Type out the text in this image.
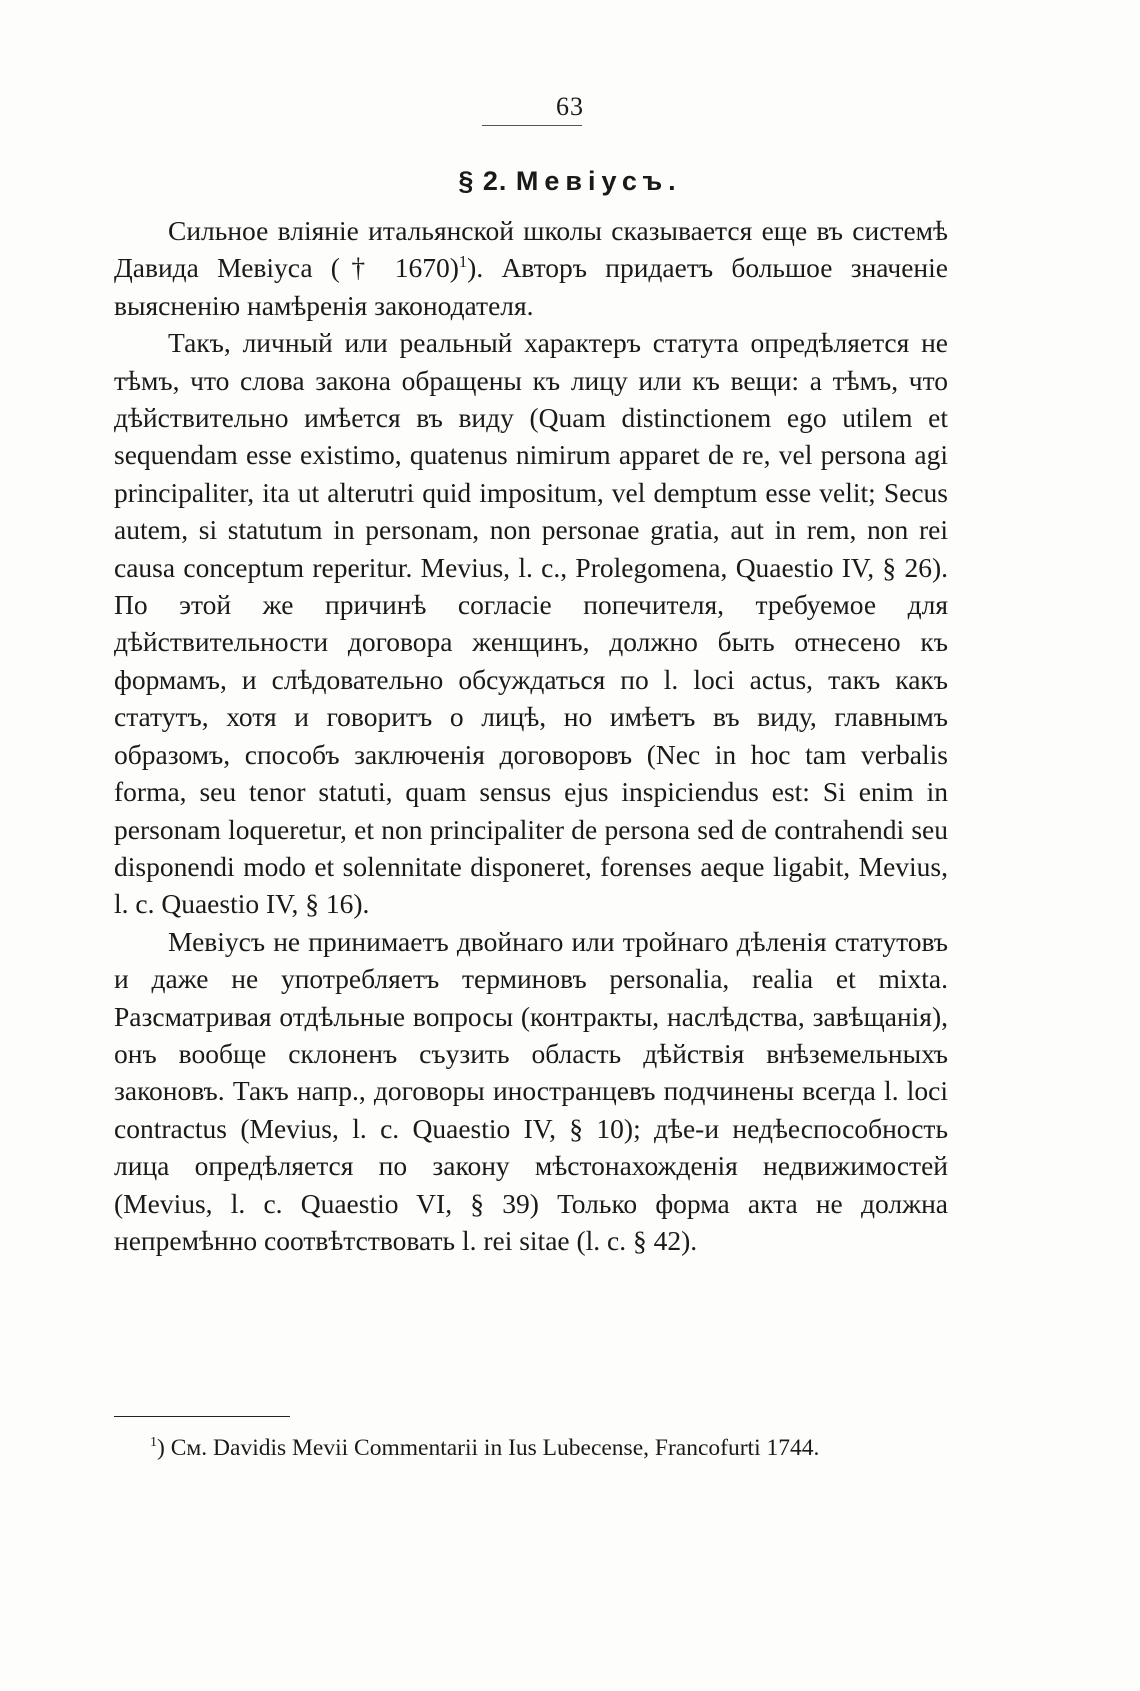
63
§ 2. Мевiусъ.

Сильное вліяніе итальянской школы сказывается еще въ системѣ Давида Мевіуса († 1670)$^1$). Авторъ придаетъ большое значеніе выясненію намѣренія законодателя.

Такъ, личный или реальный характеръ статута опредѣляется не тѣмъ, что слова закона обращены къ лицу или къ вещи: а тѣмъ, что дѣйствительно имѣется въ виду (Quam distinctionem ego utilem et sequendam esse existimo, quatenus nimirum apparet de re, vel persona agi principaliter, ita ut alterutri quid impositum, vel demptum esse velit; Secus autem, si statutum in personam, non personae gratia, aut in rem, non rei causa conceptum reperitur. Mevius, l. c., Prolegomena, Quaestio IV, § 26). По этой же причинѣ согласіе попечителя, требуемое для дѣйствительности договора женщинъ, должно быть отнесено къ формамъ, и слѣдовательно обсуждаться по l. loci actus, такъ какъ статутъ, хотя и говоритъ о лицѣ, но имѣетъ въ виду, главнымъ образомъ, способъ заключенія договоровъ (Nec in hoc tam verbalis forma, seu tenor statuti, quam sensus ejus inspiciendus est: Si enim in personam loqueretur, et non principaliter de persona sed de contrahendi seu disponendi modo et solennitate disponeret, forenses aeque ligabit, Mevius, l. c. Quaestio IV, § 16).

Мевіусъ не принимаетъ двойнаго или тройнаго дѣленія статутовъ и даже не употребляетъ терминовъ personalia, realia et mixta. Разсматривая отдѣльные вопросы (контракты, наслѣдства, завѣщанія), онъ вообще склоненъ съузить область дѣйствія внѣземельныхъ законовъ. Такъ напр., договоры иностранцевъ подчинены всегда l. loci contractus (Mevius, l. c. Quaestio IV, § 10); дѣе-и недѣеспособность лица опредѣляется по закону мѣстонахожденія недвижимостей (Mevius, l. c. Quaestio VI, § 39) Только форма акта не должна непремѣнно соотвѣтствовать l. rei sitae (l. c. § 42).

$^1$) См. Davidis Mevii Commentarii in Ius Lubecense, Francofurti 1744.
